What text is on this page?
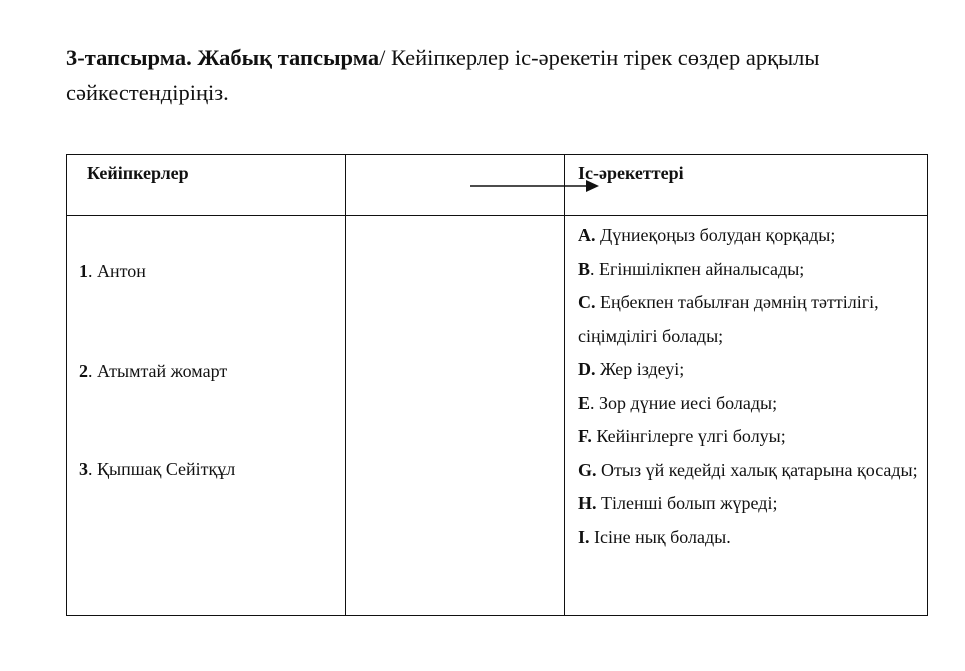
3-тапсырма. Жабық тапсырма/ Кейіпкерлер іс-әрекетін тірек сөздер арқылы сәйкестендіріңіз.
Кейіпкерлер	Іс-әрекеттері
1. Антон
2. Атымтай жомарт
3. Қыпшақ Сейітқұл
А. Дүниеқоңыз болудан қорқады;
В. Егіншілікпен айналысады;
С. Еңбекпен табылған дәмнің тәттілігі, сіңімділігі болады;
D. Жер іздеуі;
Е. Зор дүние иесі болады;
F. Кейінгілерге үлгі болуы;
G. Отыз үй кедейді халық қатарына қосады;
Н. Тіленші болып жүреді;
І. Ісіне нық болады.
